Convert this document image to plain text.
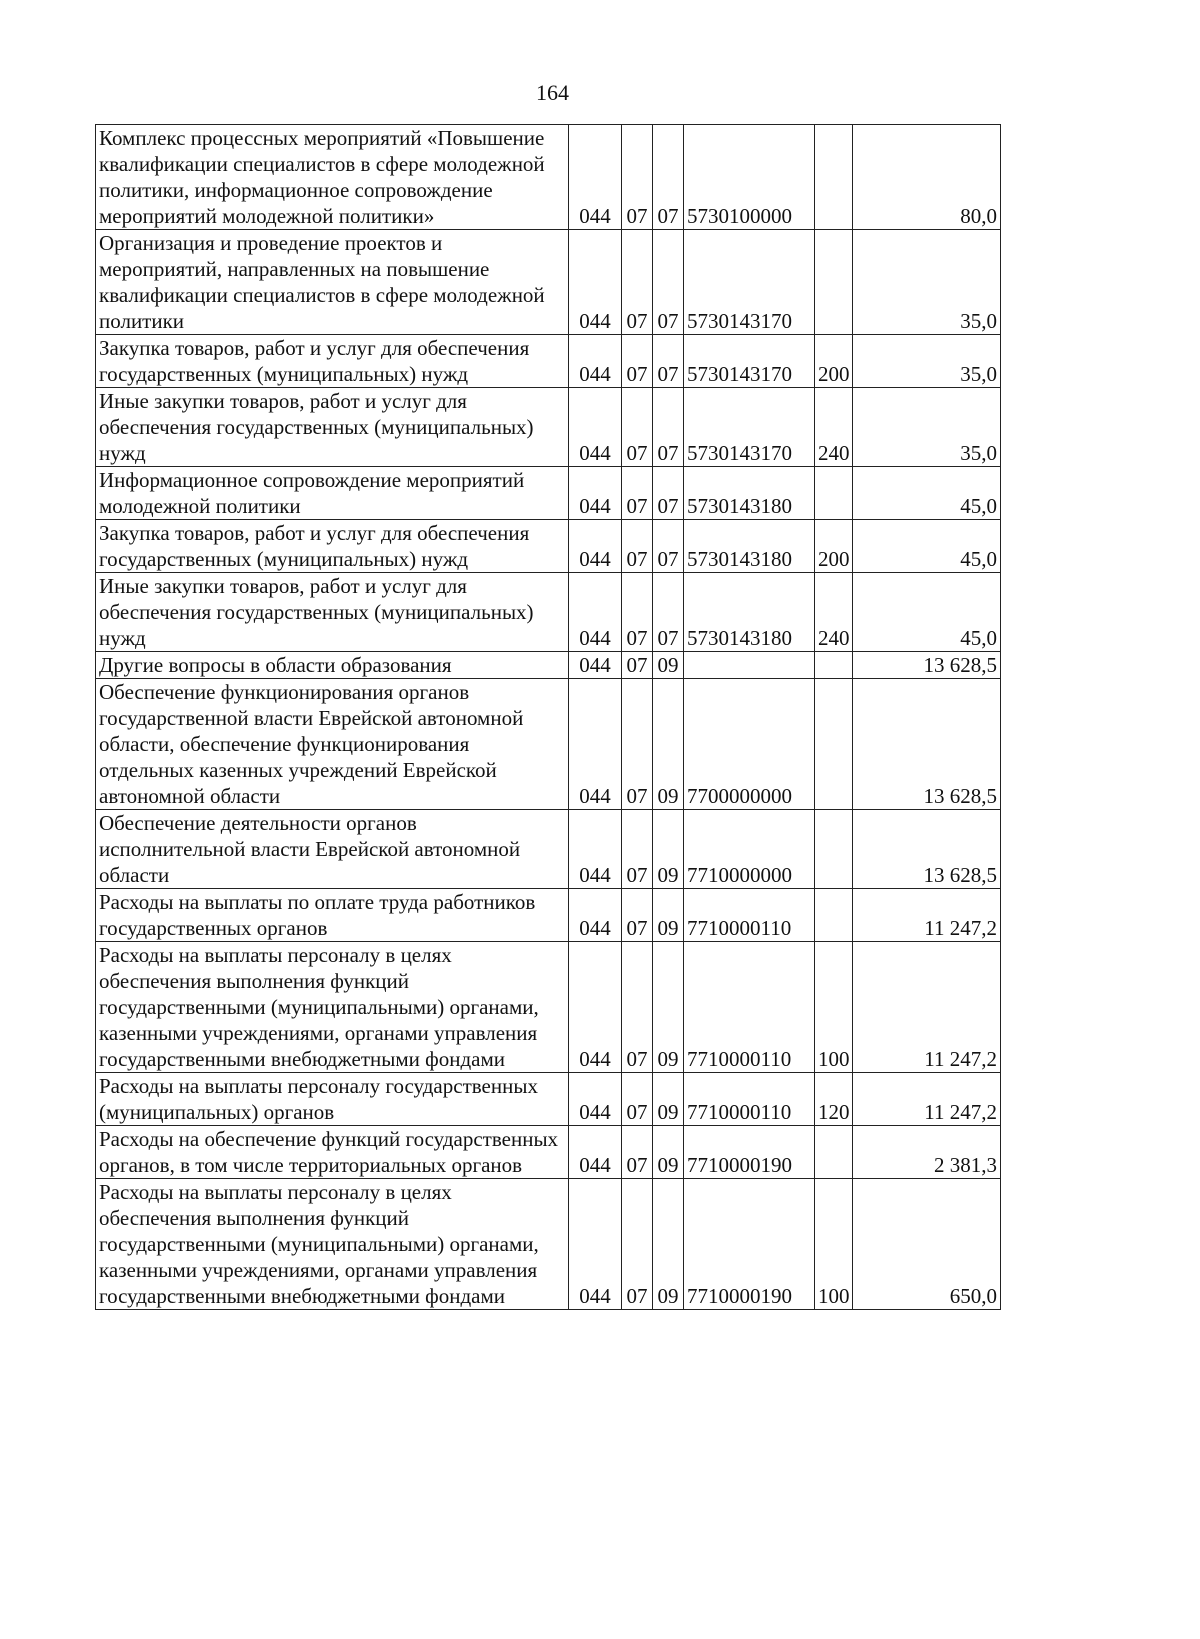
164
Комплекс процессных мероприятий «Повышение квалификации специалистов в сфере молодежной политики, информационное сопровождение мероприятий молодежной политики»	044	07	07	5730100000		80,0
Организация и проведение проектов и мероприятий, направленных на повышение квалификации специалистов в сфере молодежной политики	044	07	07	5730143170		35,0
Закупка товаров, работ и услуг для обеспечения государственных (муниципальных) нужд	044	07	07	5730143170	200	35,0
Иные закупки товаров, работ и услуг для обеспечения государственных (муниципальных) нужд	044	07	07	5730143170	240	35,0
Информационное сопровождение мероприятий молодежной политики	044	07	07	5730143180		45,0
Закупка товаров, работ и услуг для обеспечения государственных (муниципальных) нужд	044	07	07	5730143180	200	45,0
Иные закупки товаров, работ и услуг для обеспечения государственных (муниципальных) нужд	044	07	07	5730143180	240	45,0
Другие вопросы в области образования	044	07	09			13 628,5
Обеспечение функционирования органов государственной власти Еврейской автономной области, обеспечение функционирования отдельных казенных учреждений Еврейской автономной области	044	07	09	7700000000		13 628,5
Обеспечение деятельности органов исполнительной власти Еврейской автономной области	044	07	09	7710000000		13 628,5
Расходы на выплаты по оплате труда работников государственных органов	044	07	09	7710000110		11 247,2
Расходы на выплаты персоналу в целях обеспечения выполнения функций государственными (муниципальными) органами, казенными учреждениями, органами управления государственными внебюджетными фондами	044	07	09	7710000110	100	11 247,2
Расходы на выплаты персоналу государственных (муниципальных) органов	044	07	09	7710000110	120	11 247,2
Расходы на обеспечение функций государственных органов, в том числе территориальных органов	044	07	09	7710000190		2 381,3
Расходы на выплаты персоналу в целях обеспечения выполнения функций государственными (муниципальными) органами, казенными учреждениями, органами управления государственными внебюджетными фондами	044	07	09	7710000190	100	650,0
